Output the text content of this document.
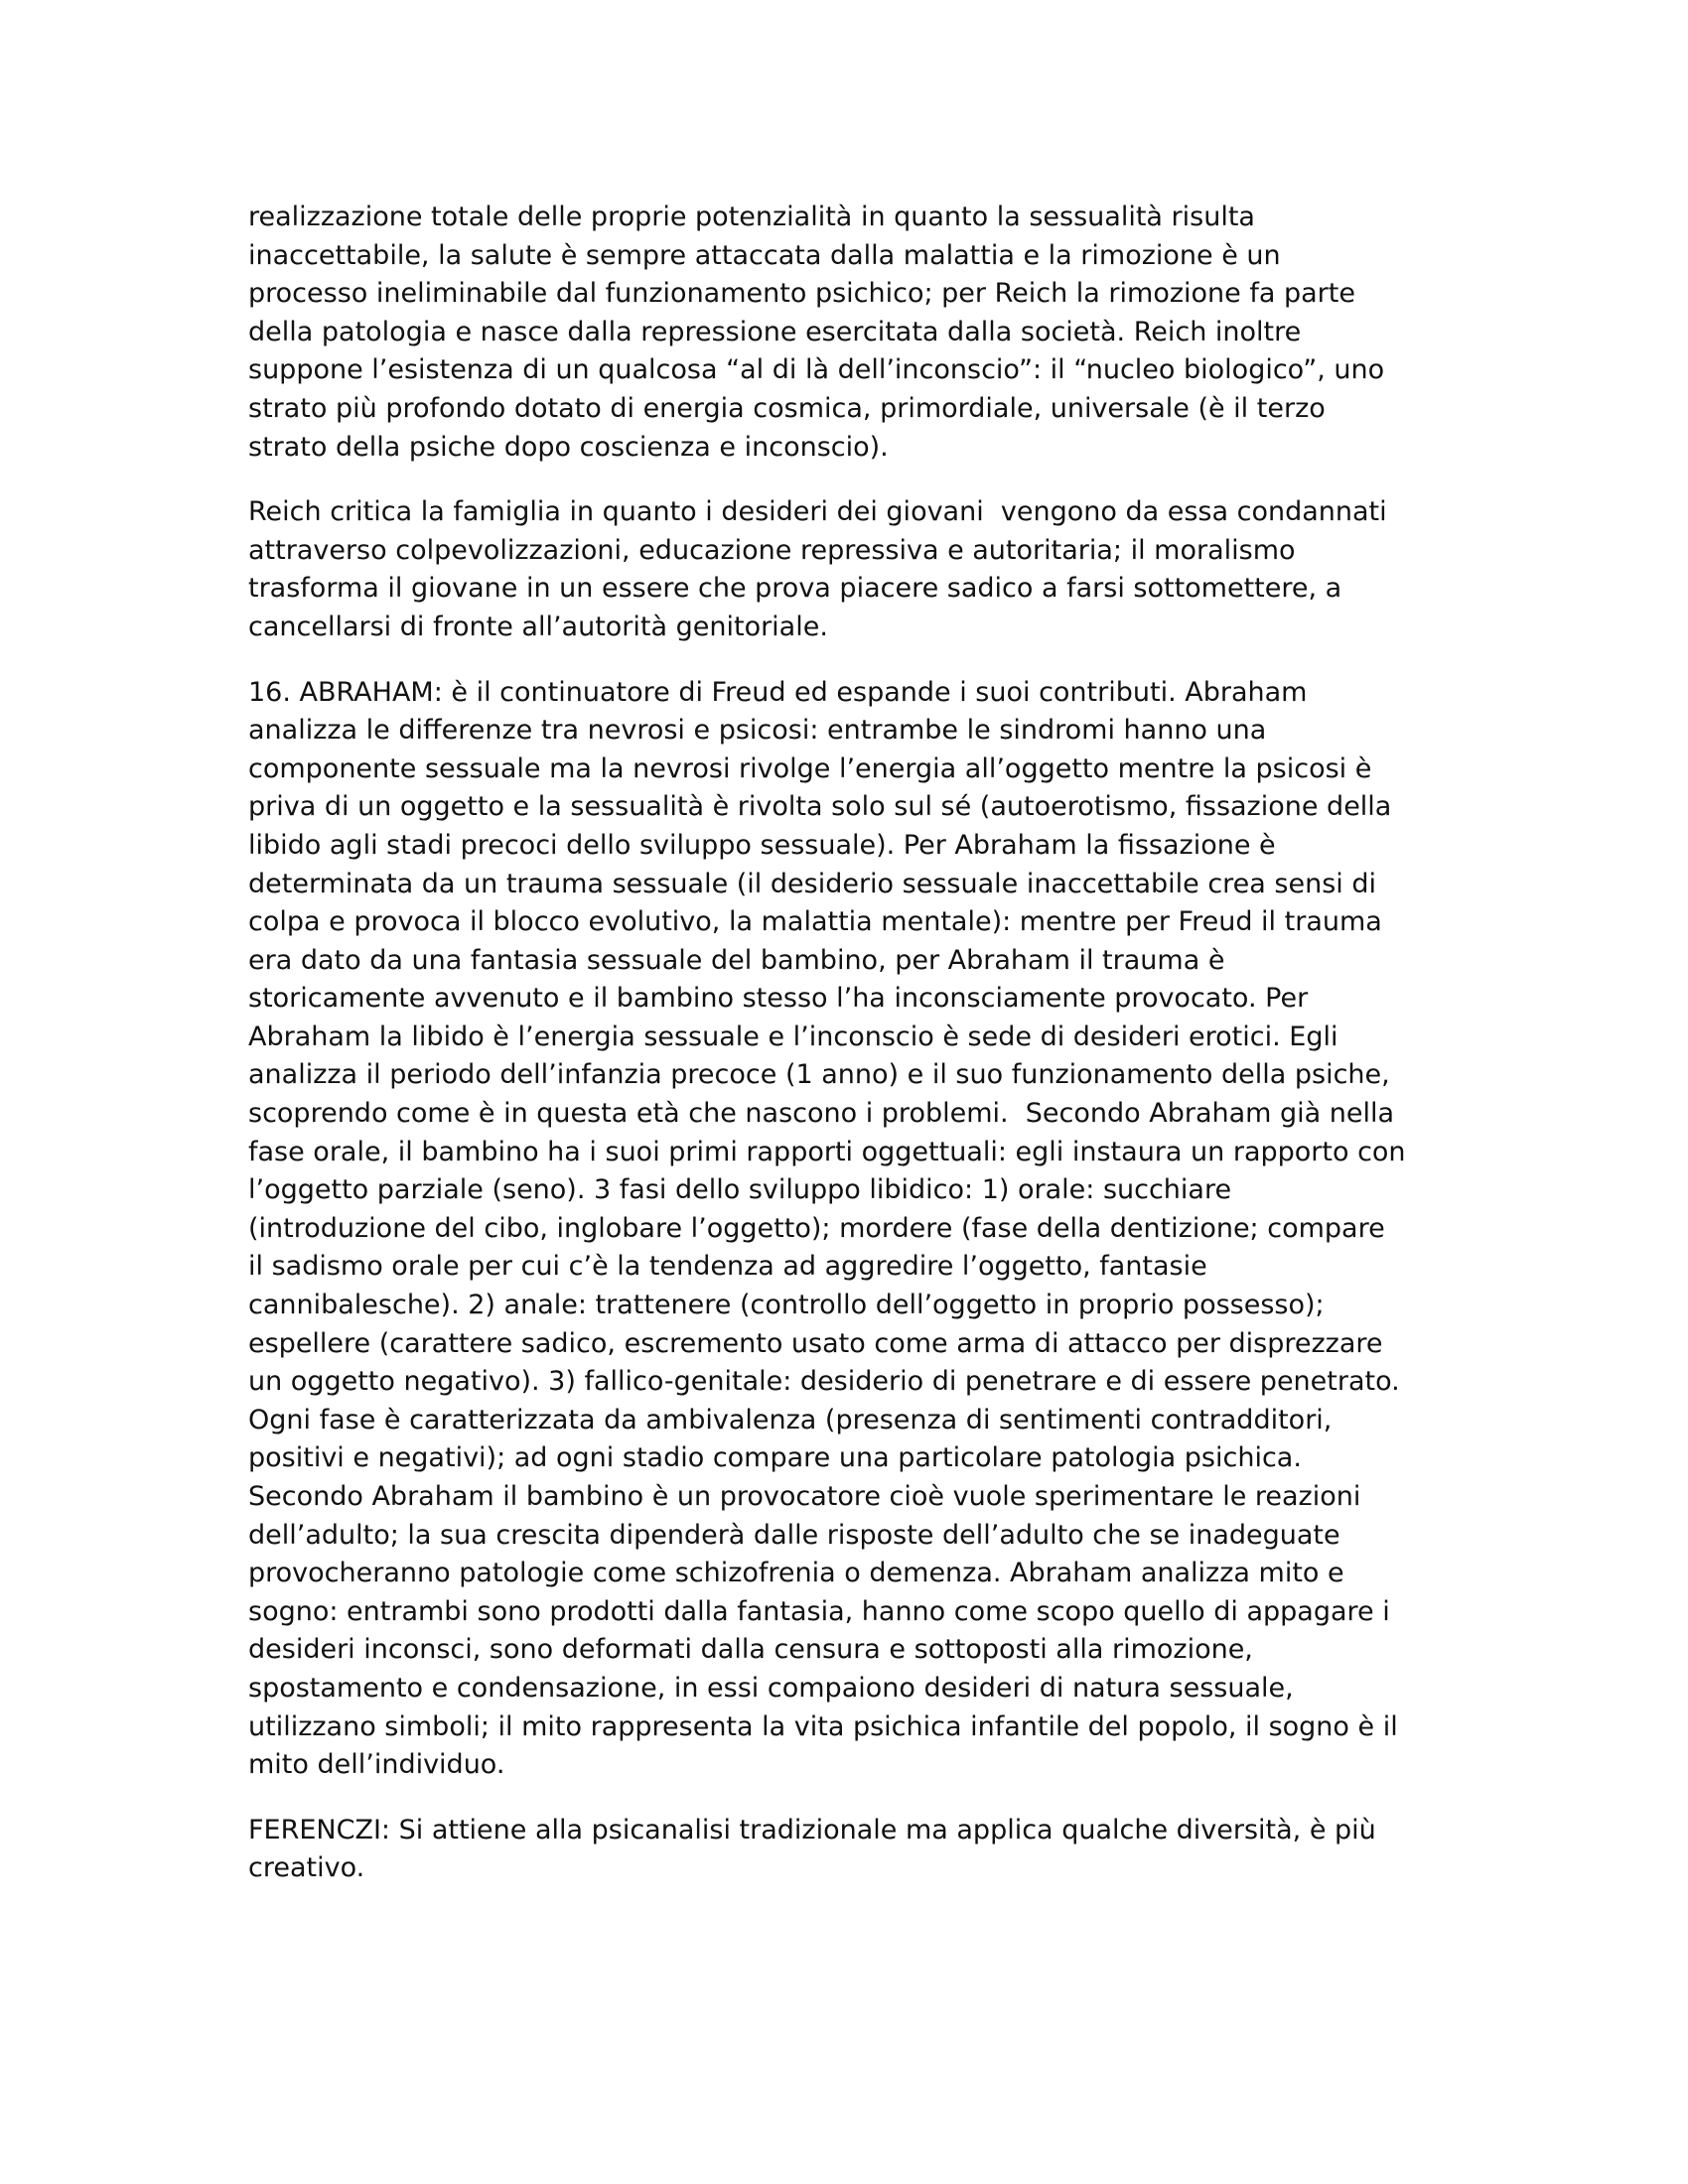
realizzazione totale delle proprie potenzialità in quanto la sessualità risulta
inaccettabile, la salute è sempre attaccata dalla malattia e la rimozione è un
processo ineliminabile dal funzionamento psichico; per Reich la rimozione fa parte
della patologia e nasce dalla repressione esercitata dalla società. Reich inoltre
suppone l’esistenza di un qualcosa “al di là dell’inconscio”: il “nucleo biologico”, uno
strato più profondo dotato di energia cosmica, primordiale, universale (è il terzo
strato della psiche dopo coscienza e inconscio).

Reich critica la famiglia in quanto i desideri dei giovani  vengono da essa condannati
attraverso colpevolizzazioni, educazione repressiva e autoritaria; il moralismo
trasforma il giovane in un essere che prova piacere sadico a farsi sottomettere, a
cancellarsi di fronte all’autorità genitoriale.

16. ABRAHAM: è il continuatore di Freud ed espande i suoi contributi. Abraham
analizza le differenze tra nevrosi e psicosi: entrambe le sindromi hanno una
componente sessuale ma la nevrosi rivolge l’energia all’oggetto mentre la psicosi è
priva di un oggetto e la sessualità è rivolta solo sul sé (autoerotismo, fissazione della
libido agli stadi precoci dello sviluppo sessuale). Per Abraham la fissazione è
determinata da un trauma sessuale (il desiderio sessuale inaccettabile crea sensi di
colpa e provoca il blocco evolutivo, la malattia mentale): mentre per Freud il trauma
era dato da una fantasia sessuale del bambino, per Abraham il trauma è
storicamente avvenuto e il bambino stesso l’ha inconsciamente provocato. Per
Abraham la libido è l’energia sessuale e l’inconscio è sede di desideri erotici. Egli
analizza il periodo dell’infanzia precoce (1 anno) e il suo funzionamento della psiche,
scoprendo come è in questa età che nascono i problemi.  Secondo Abraham già nella
fase orale, il bambino ha i suoi primi rapporti oggettuali: egli instaura un rapporto con
l’oggetto parziale (seno). 3 fasi dello sviluppo libidico: 1) orale: succhiare
(introduzione del cibo, inglobare l’oggetto); mordere (fase della dentizione; compare
il sadismo orale per cui c’è la tendenza ad aggredire l’oggetto, fantasie
cannibalesche). 2) anale: trattenere (controllo dell’oggetto in proprio possesso);
espellere (carattere sadico, escremento usato come arma di attacco per disprezzare
un oggetto negativo). 3) fallico-genitale: desiderio di penetrare e di essere penetrato.
Ogni fase è caratterizzata da ambivalenza (presenza di sentimenti contradditori,
positivi e negativi); ad ogni stadio compare una particolare patologia psichica.
Secondo Abraham il bambino è un provocatore cioè vuole sperimentare le reazioni
dell’adulto; la sua crescita dipenderà dalle risposte dell’adulto che se inadeguate
provocheranno patologie come schizofrenia o demenza. Abraham analizza mito e
sogno: entrambi sono prodotti dalla fantasia, hanno come scopo quello di appagare i
desideri inconsci, sono deformati dalla censura e sottoposti alla rimozione,
spostamento e condensazione, in essi compaiono desideri di natura sessuale,
utilizzano simboli; il mito rappresenta la vita psichica infantile del popolo, il sogno è il
mito dell’individuo.

FERENCZI: Si attiene alla psicanalisi tradizionale ma applica qualche diversità, è più
creativo.
